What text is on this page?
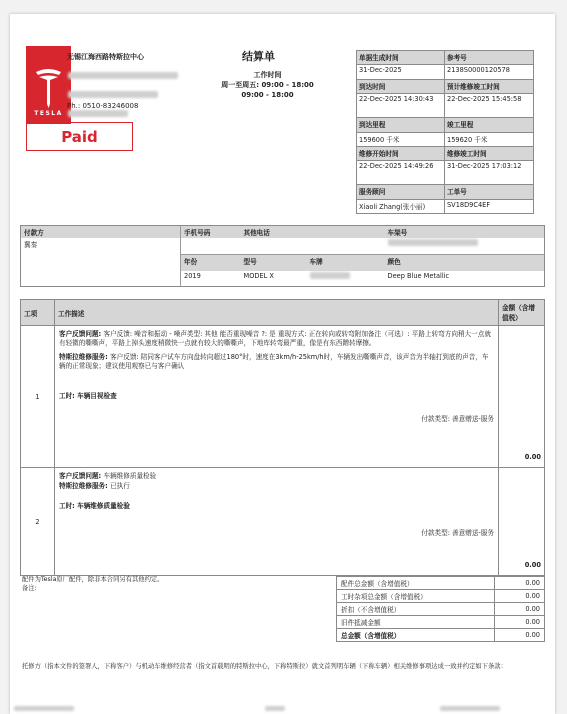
TESLA
无锡江海西路特斯拉中心

Ph.: 0510-83246008
Paid
结算单
工作时间
周一至周五: 09:00 - 18:00
09:00 - 18:00
单据生成时间	参考号
31-Dec-2025	2138S0000120578
到达时间	预计维修竣工时间
22-Dec-2025 14:30:43	22-Dec-2025 15:45:58
到达里程	竣工里程
159600 千米	159620 千米
维修开始时间	维修竣工时间
22-Dec-2025 14:49:26	31-Dec-2025 17:03:12
服务顾问	工单号
Xiaoli Zhang(张小丽)	SV18D9C4EF
付款方	手机号码	其他电话		车架号
冀秦				
	年份	型号	车牌	颜色
	2019	MODEL X		Deep Blue Metallic
工项	工作描述	金额（含增值税）
1	客户反馈问题: 客户反馈: 噪音和振动 - 噪声类型: 其他 能否重现噪音 ?: 是 重现方式: 正在转向或转弯附加备注（可选）: 平路上转弯方向稍大一点就有轻微的嘶嘶声，平路上掉头速度稍微快一点就有较大的嘶嘶声，下地库转弯最严重，像是有东西蹭转摩擦。
特斯拉维修服务: 客户反馈: 陪同客户试车方向盘转向超过180°时，速度在3km/h-25km/h时，车辆发出嘶嘶声音，该声音为半轴打到底的声音，车辆的正常现象；建议使用观察已与客户确认
工时: 车辆目视检查
付款类型: 善意赠送-服务	0.00
2	客户反馈问题: 车辆维修质量检验
特斯拉维修服务: 已执行
工时: 车辆维修质量检验
付款类型: 善意赠送-服务	0.00
配件为Tesla原厂配件，除非本合同另有其他约定。
备注:
配件总金额（含增值税）	0.00
工时杂项总金额（含增值税）	0.00
折扣（不含增值税）	0.00
旧件抵减金额	0.00
总金额（含增值税）	0.00
托修方（指本文件的签署人，下称客户）与机动车维修经营者（指文首载明的特斯拉中心，下称特斯拉）就文首列明车辆（下称车辆）相关维修事项达成一致并约定如下条款：
